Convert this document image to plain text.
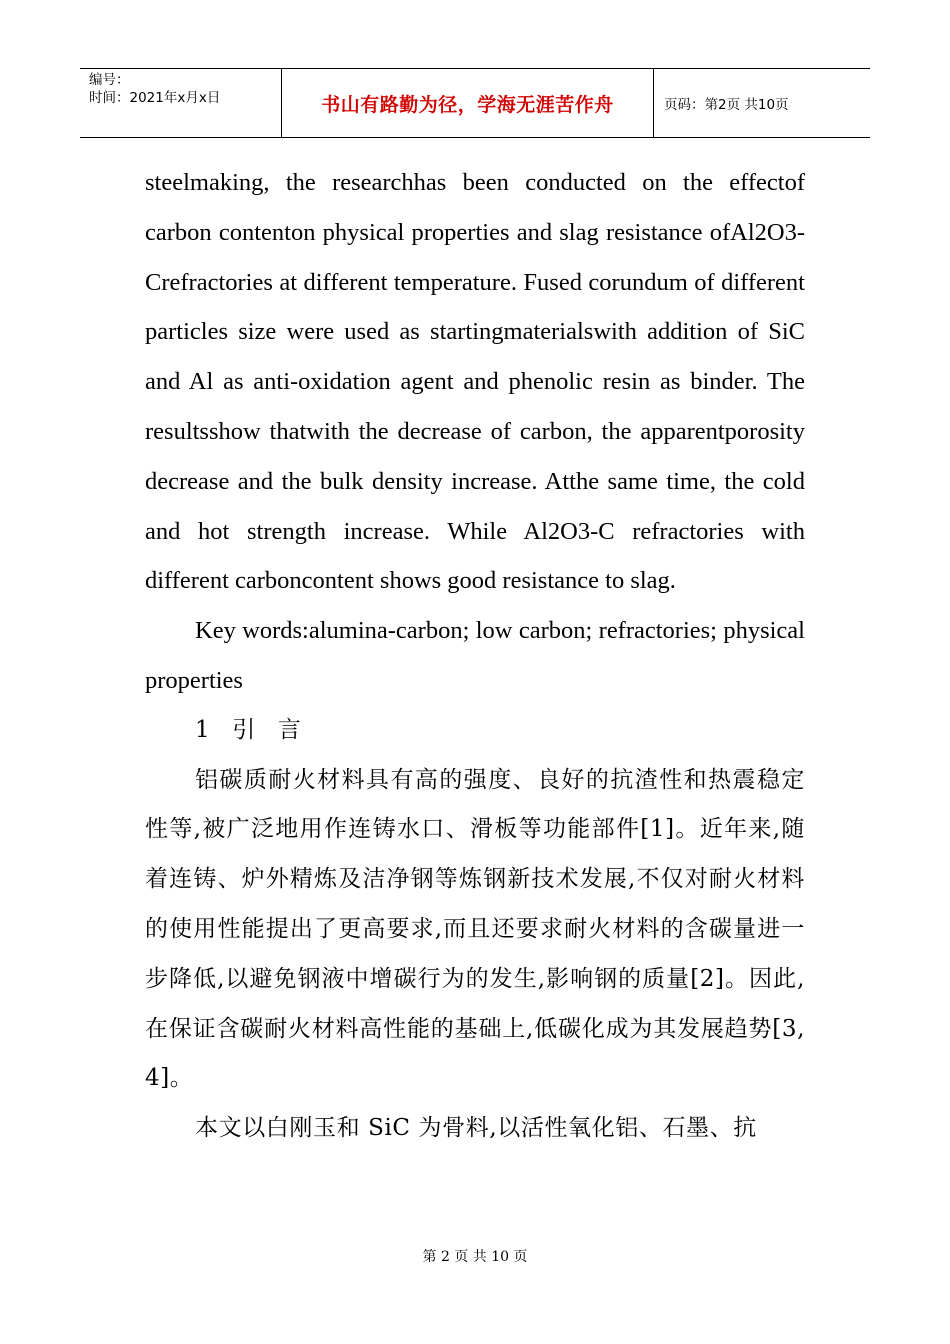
编号：
时间：2021年x月x日	书山有路勤为径，学海无涯苦作舟	页码：第2页 共10页

steelmaking, the researchhas been conducted on the effectof carbon contenton physical properties and slag resistance ofAl2O3-Crefractories at different temperature. Fused corundum of different particles size were used as startingmaterialswith addition of SiC and Al as anti-oxidation agent and phenolic resin as binder. The resultsshow thatwith the decrease of carbon, the apparentporosity decrease and the bulk density increase. Atthe same time, the cold and hot strength increase. While Al2O3-C refractories with different carboncontent shows good resistance to slag.

Key words:alumina-carbon; low carbon; refractories; physical properties

1 引 言

铝碳质耐火材料具有高的强度、良好的抗渣性和热震稳定性等,被广泛地用作连铸水口、滑板等功能部件[1]。近年来,随着连铸、炉外精炼及洁净钢等炼钢新技术发展,不仅对耐火材料的使用性能提出了更高要求,而且还要求耐火材料的含碳量进一步降低,以避免钢液中增碳行为的发生,影响钢的质量[2]。因此,在保证含碳耐火材料高性能的基础上,低碳化成为其发展趋势[3, 4]。

本文以白刚玉和 SiC 为骨料,以活性氧化铝、石墨、抗

第 2 页 共 10 页
